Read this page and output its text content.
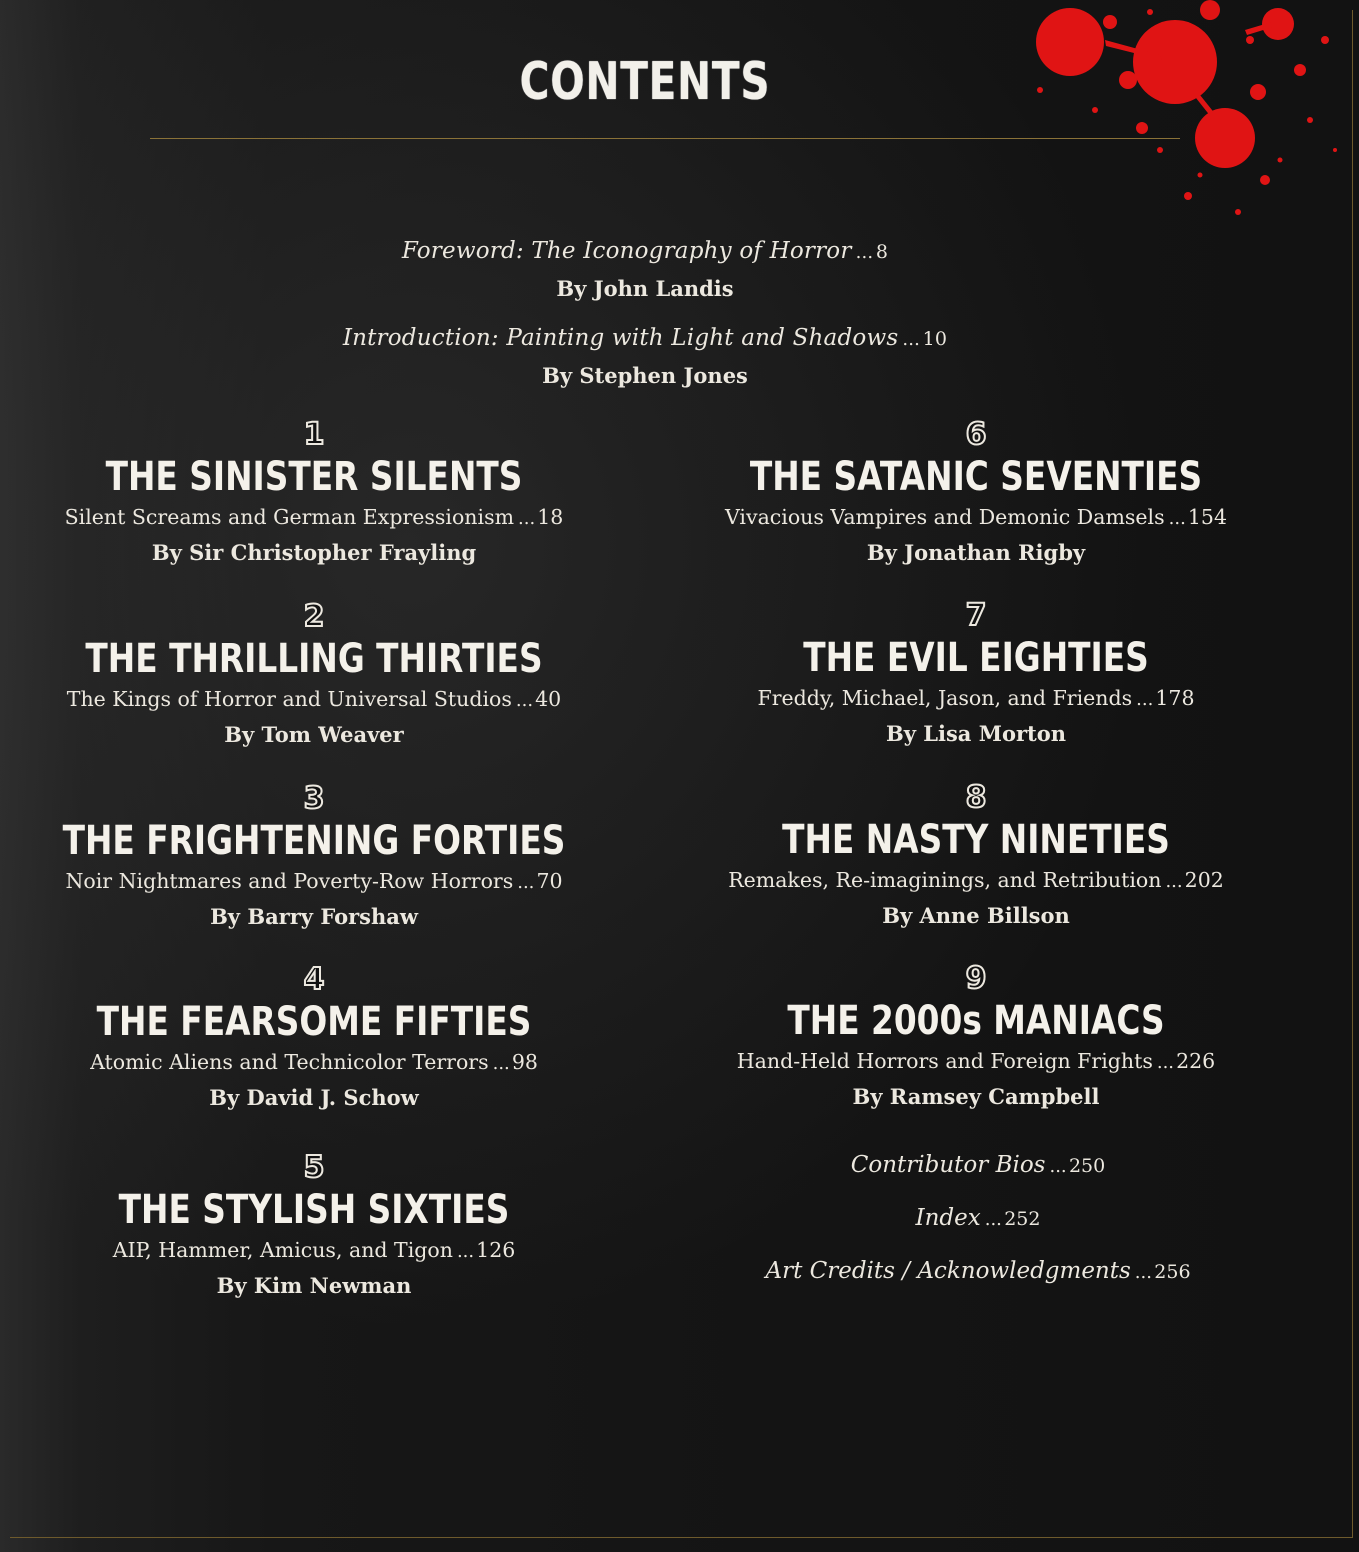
CONTENTS
Foreword: The Iconography of Horror ...  8
By John Landis
Introduction: Painting with Light and Shadows ...  10
By Stephen Jones
1
THE SINISTER SILENTS
Silent Screams and German Expressionism ... 18
By Sir Christopher Frayling
2
THE THRILLING THIRTIES
The Kings of Horror and Universal Studios ... 40
By Tom Weaver
3
THE FRIGHTENING FORTIES
Noir Nightmares and Poverty-Row Horrors ... 70
By Barry Forshaw
4
THE FEARSOME FIFTIES
Atomic Aliens and Technicolor Terrors ... 98
By David J. Schow
5
THE STYLISH SIXTIES
AIP, Hammer, Amicus, and Tigon ... 126
By Kim Newman
6
THE SATANIC SEVENTIES
Vivacious Vampires and Demonic Damsels ... 154
By Jonathan Rigby
7
THE EVIL EIGHTIES
Freddy, Michael, Jason, and Friends ... 178
By Lisa Morton
8
THE NASTY NINETIES
Remakes, Re-imaginings, and Retribution ... 202
By Anne Billson
9
THE 2000s MANIACS
Hand-Held Horrors and Foreign Frights ... 226
By Ramsey Campbell
Contributor Bios ...  250
Index ...  252
Art Credits / Acknowledgments ...  256
